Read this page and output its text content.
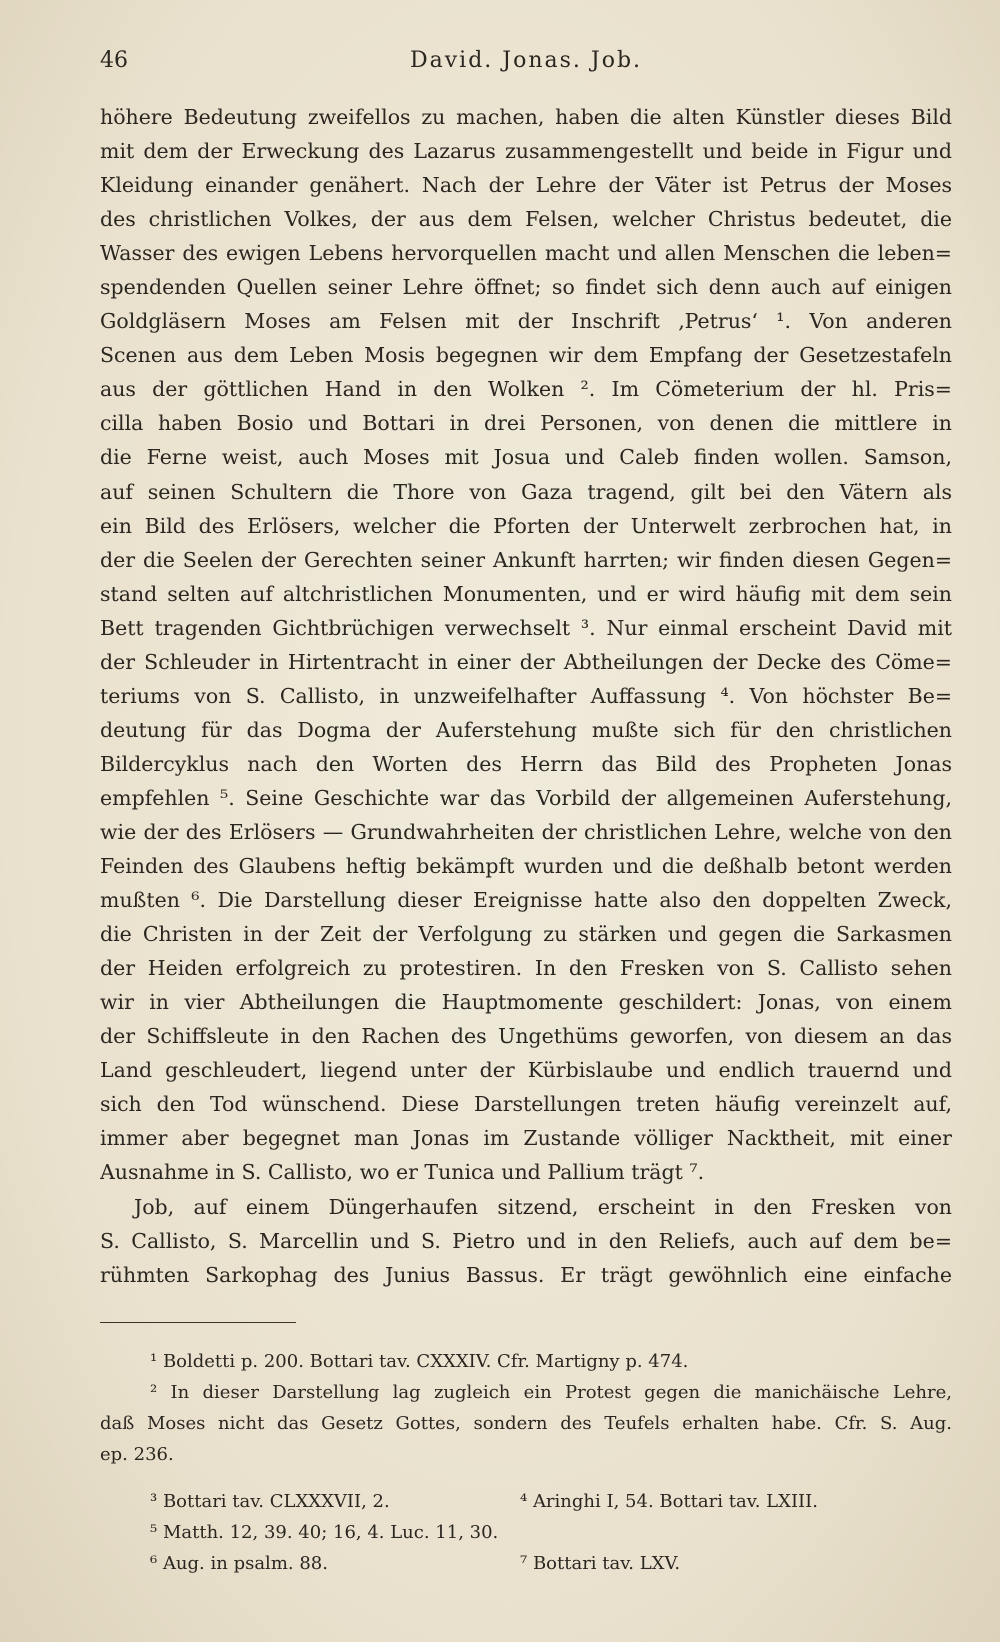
46	David. Jonas. Job.
höhere Bedeutung zweifellos zu machen, haben die alten Künstler dieses Bild
mit dem der Erweckung des Lazarus zusammengestellt und beide in Figur und
Kleidung einander genähert. Nach der Lehre der Väter ist Petrus der Moses
des christlichen Volkes, der aus dem Felsen, welcher Christus bedeutet, die
Wasser des ewigen Lebens hervorquellen macht und allen Menschen die leben=
spendenden Quellen seiner Lehre öffnet; so findet sich denn auch auf einigen
Goldgläsern Moses am Felsen mit der Inschrift ‚Petrus‘ ¹. Von anderen
Scenen aus dem Leben Mosis begegnen wir dem Empfang der Gesetzestafeln
aus der göttlichen Hand in den Wolken ². Im Cömeterium der hl. Pris=
cilla haben Bosio und Bottari in drei Personen, von denen die mittlere in
die Ferne weist, auch Moses mit Josua und Caleb finden wollen. Samson,
auf seinen Schultern die Thore von Gaza tragend, gilt bei den Vätern als
ein Bild des Erlösers, welcher die Pforten der Unterwelt zerbrochen hat, in
der die Seelen der Gerechten seiner Ankunft harrten; wir finden diesen Gegen=
stand selten auf altchristlichen Monumenten, und er wird häufig mit dem sein
Bett tragenden Gichtbrüchigen verwechselt ³. Nur einmal erscheint David mit
der Schleuder in Hirtentracht in einer der Abtheilungen der Decke des Cöme=
teriums von S. Callisto, in unzweifelhafter Auffassung ⁴. Von höchster Be=
deutung für das Dogma der Auferstehung mußte sich für den christlichen
Bildercyklus nach den Worten des Herrn das Bild des Propheten Jonas
empfehlen ⁵. Seine Geschichte war das Vorbild der allgemeinen Auferstehung,
wie der des Erlösers — Grundwahrheiten der christlichen Lehre, welche von den
Feinden des Glaubens heftig bekämpft wurden und die deßhalb betont werden
mußten ⁶. Die Darstellung dieser Ereignisse hatte also den doppelten Zweck,
die Christen in der Zeit der Verfolgung zu stärken und gegen die Sarkasmen
der Heiden erfolgreich zu protestiren. In den Fresken von S. Callisto sehen
wir in vier Abtheilungen die Hauptmomente geschildert: Jonas, von einem
der Schiffsleute in den Rachen des Ungethüms geworfen, von diesem an das
Land geschleudert, liegend unter der Kürbislaube und endlich trauernd und
sich den Tod wünschend. Diese Darstellungen treten häufig vereinzelt auf,
immer aber begegnet man Jonas im Zustande völliger Nacktheit, mit einer
Ausnahme in S. Callisto, wo er Tunica und Pallium trägt ⁷.
Job, auf einem Düngerhaufen sitzend, erscheint in den Fresken von
S. Callisto, S. Marcellin und S. Pietro und in den Reliefs, auch auf dem be=
rühmten Sarkophag des Junius Bassus. Er trägt gewöhnlich eine einfache
¹ Boldetti p. 200. Bottari tav. CXXXIV. Cfr. Martigny p. 474.
² In dieser Darstellung lag zugleich ein Protest gegen die manichäische Lehre,
daß Moses nicht das Gesetz Gottes, sondern des Teufels erhalten habe. Cfr. S. Aug.
ep. 236.
³ Bottari tav. CLXXXVII, 2.	⁴ Aringhi I, 54. Bottari tav. LXIII.
⁵ Matth. 12, 39. 40; 16, 4. Luc. 11, 30.
⁶ Aug. in psalm. 88.	⁷ Bottari tav. LXV.
